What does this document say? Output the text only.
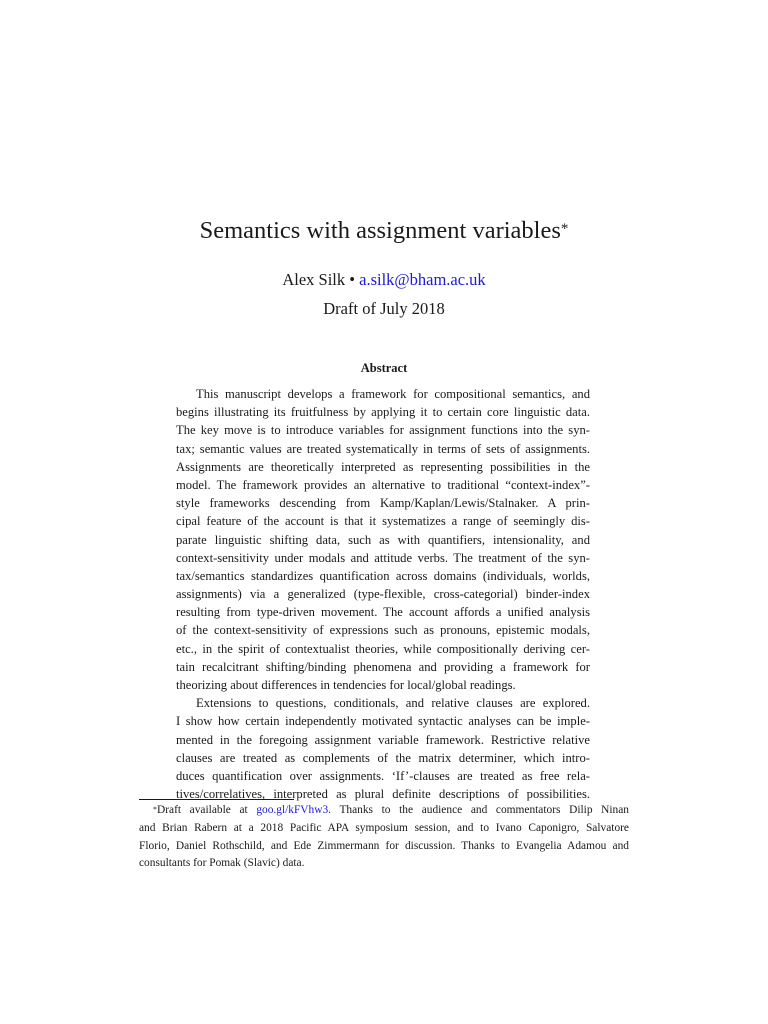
Semantics with assignment variables*
Alex Silk • a.silk@bham.ac.uk
Draft of July 2018
Abstract
This manuscript develops a framework for compositional semantics, and
begins illustrating its fruitfulness by applying it to certain core linguistic data.
The key move is to introduce variables for assignment functions into the syn-
tax; semantic values are treated systematically in terms of sets of assignments.
Assignments are theoretically interpreted as representing possibilities in the
model. The framework provides an alternative to traditional “context-index”-
style frameworks descending from Kamp/Kaplan/Lewis/Stalnaker. A prin-
cipal feature of the account is that it systematizes a range of seemingly dis-
parate linguistic shifting data, such as with quantifiers, intensionality, and
context-sensitivity under modals and attitude verbs. The treatment of the syn-
tax/semantics standardizes quantification across domains (individuals, worlds,
assignments) via a generalized (type-flexible, cross-categorial) binder-index
resulting from type-driven movement. The account affords a unified analysis
of the context-sensitivity of expressions such as pronouns, epistemic modals,
etc., in the spirit of contextualist theories, while compositionally deriving cer-
tain recalcitrant shifting/binding phenomena and providing a framework for
theorizing about differences in tendencies for local/global readings.
Extensions to questions, conditionals, and relative clauses are explored.
I show how certain independently motivated syntactic analyses can be imple-
mented in the foregoing assignment variable framework. Restrictive relative
clauses are treated as complements of the matrix determiner, which intro-
duces quantification over assignments. ‘If’-clauses are treated as free rela-
tives/correlatives, interpreted as plural definite descriptions of possibilities.
*Draft available at goo.gl/kFVhw3. Thanks to the audience and commentators Dilip Ninan
and Brian Rabern at a 2018 Pacific APA symposium session, and to Ivano Caponigro, Salvatore
Florio, Daniel Rothschild, and Ede Zimmermann for discussion. Thanks to Evangelia Adamou and
consultants for Pomak (Slavic) data.
